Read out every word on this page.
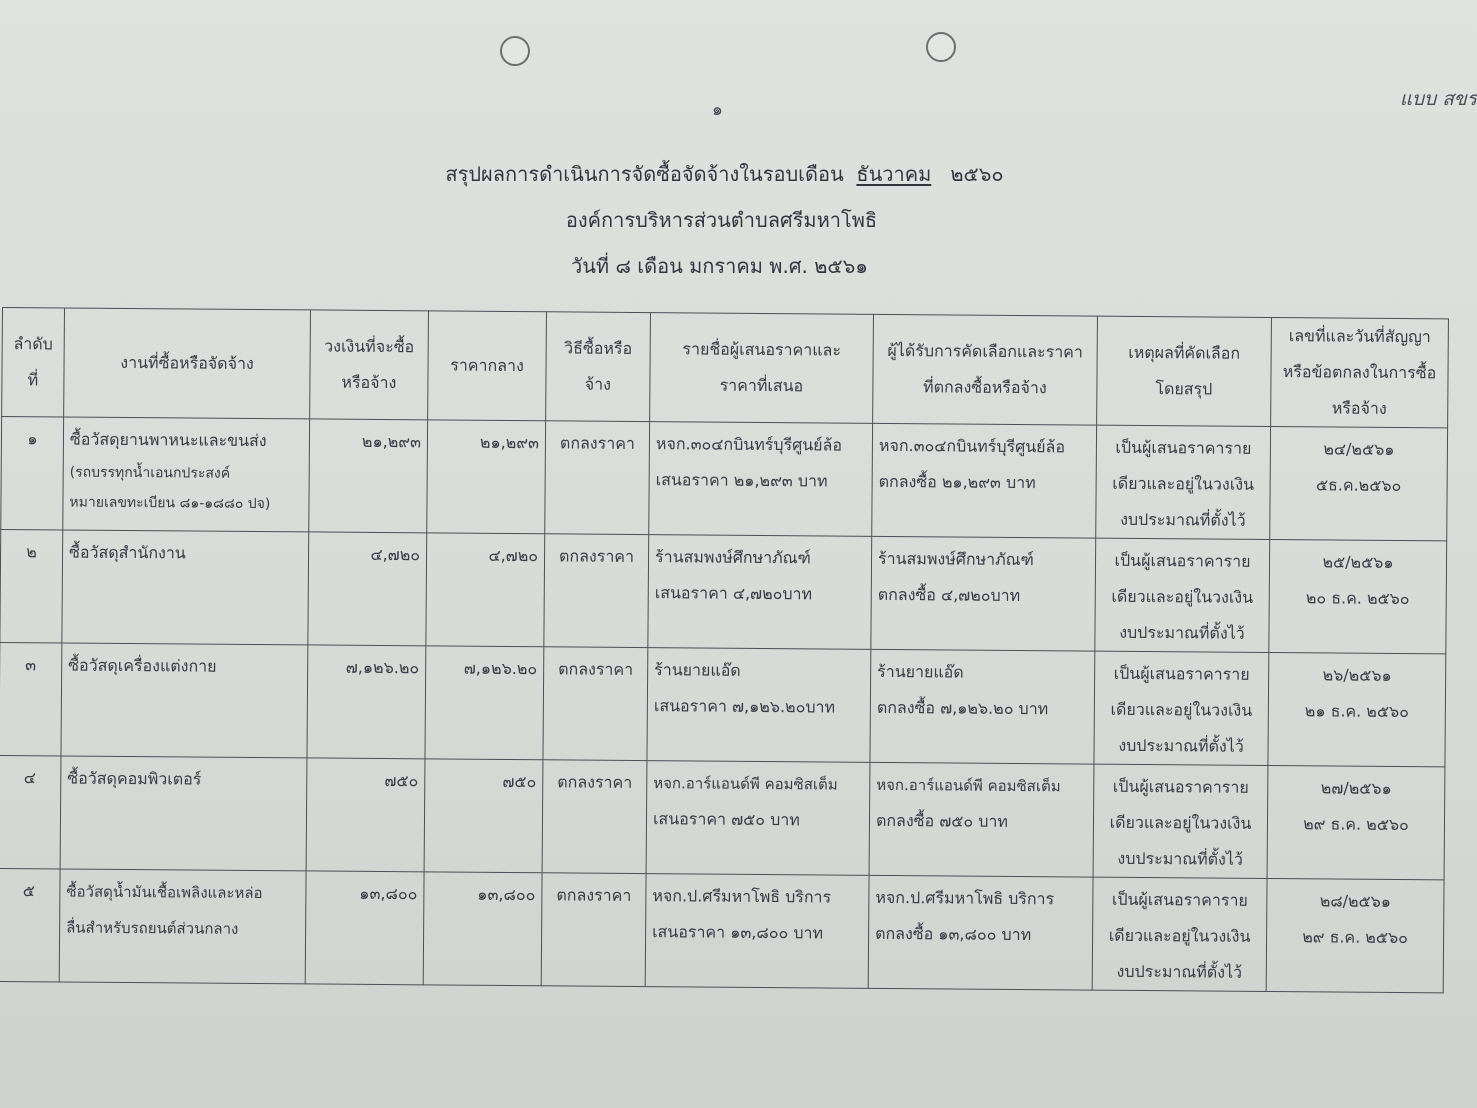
แบบ สขร
๑
สรุปผลการดำเนินการจัดซื้อจัดจ้างในรอบเดือน ธันวาคม ๒๕๖๐
องค์การบริหารส่วนตำบลศรีมหาโพธิ
วันที่ ๘ เดือน มกราคม พ.ศ. ๒๕๖๑
ลำดับที่	งานที่ซื้อหรือจัดจ้าง	วงเงินที่จะซื้อหรือจ้าง	ราคากลาง	วิธีซื้อหรือจ้าง	รายชื่อผู้เสนอราคาและราคาที่เสนอ	ผู้ได้รับการคัดเลือกและราคาที่ตกลงซื้อหรือจ้าง	เหตุผลที่คัดเลือกโดยสรุป	เลขที่และวันที่สัญญาหรือข้อตกลงในการซื้อหรือจ้าง
๑	ซื้อวัสดุยานพาหนะและขนส่ง
(รถบรรทุกน้ำเอนกประสงค์
หมายเลขทะเบียน ๘๑-๑๘๘๐ ปจ)	๒๑,๒๙๓	๒๑,๒๙๓	ตกลงราคา	หจก.๓๐๔กบินทร์บุรีศูนย์ล้อ
เสนอราคา ๒๑,๒๙๓ บาท	หจก.๓๐๔กบินทร์บุรีศูนย์ล้อ
ตกลงซื้อ ๒๑,๒๙๓ บาท	เป็นผู้เสนอราคาราย
เดียวและอยู่ในวงเงิน
งบประมาณที่ตั้งไว้	๒๔/๒๕๖๑
๕ธ.ค.๒๕๖๐

๒	ซื้อวัสดุสำนักงาน	๔,๗๒๐	๔,๗๒๐	ตกลงราคา	ร้านสมพงษ์ศึกษาภัณฑ์
เสนอราคา ๔,๗๒๐บาท	ร้านสมพงษ์ศึกษาภัณฑ์
ตกลงซื้อ ๔,๗๒๐บาท	เป็นผู้เสนอราคาราย
เดียวและอยู่ในวงเงิน
งบประมาณที่ตั้งไว้	๒๕/๒๕๖๑
๒๐ ธ.ค. ๒๕๖๐

๓	ซื้อวัสดุเครื่องแต่งกาย	๗,๑๒๖.๒๐	๗,๑๒๖.๒๐	ตกลงราคา	ร้านยายแอ๊ด
เสนอราคา ๗,๑๒๖.๒๐บาท	ร้านยายแอ๊ด
ตกลงซื้อ ๗,๑๒๖.๒๐ บาท	เป็นผู้เสนอราคาราย
เดียวและอยู่ในวงเงิน
งบประมาณที่ตั้งไว้	๒๖/๒๕๖๑
๒๑ ธ.ค. ๒๕๖๐

๔	ซื้อวัสดุคอมพิวเตอร์	๗๕๐	๗๕๐	ตกลงราคา	หจก.อาร์แอนด์พี คอมซิสเต็ม
เสนอราคา ๗๕๐ บาท	หจก.อาร์แอนด์พี คอมซิสเต็ม
ตกลงซื้อ ๗๕๐ บาท	เป็นผู้เสนอราคาราย
เดียวและอยู่ในวงเงิน
งบประมาณที่ตั้งไว้	๒๗/๒๕๖๑
๒๙ ธ.ค. ๒๕๖๐

๕	ซื้อวัสดุน้ำมันเชื้อเพลิงและหล่อ
ลื่นสำหรับรถยนต์ส่วนกลาง	๑๓,๘๐๐	๑๓,๘๐๐	ตกลงราคา	หจก.ป.ศรีมหาโพธิ บริการ
เสนอราคา ๑๓,๘๐๐ บาท	หจก.ป.ศรีมหาโพธิ บริการ
ตกลงซื้อ ๑๓,๘๐๐ บาท	เป็นผู้เสนอราคาราย
เดียวและอยู่ในวงเงิน
งบประมาณที่ตั้งไว้	๒๘/๒๕๖๑
๒๙ ธ.ค. ๒๕๖๐
